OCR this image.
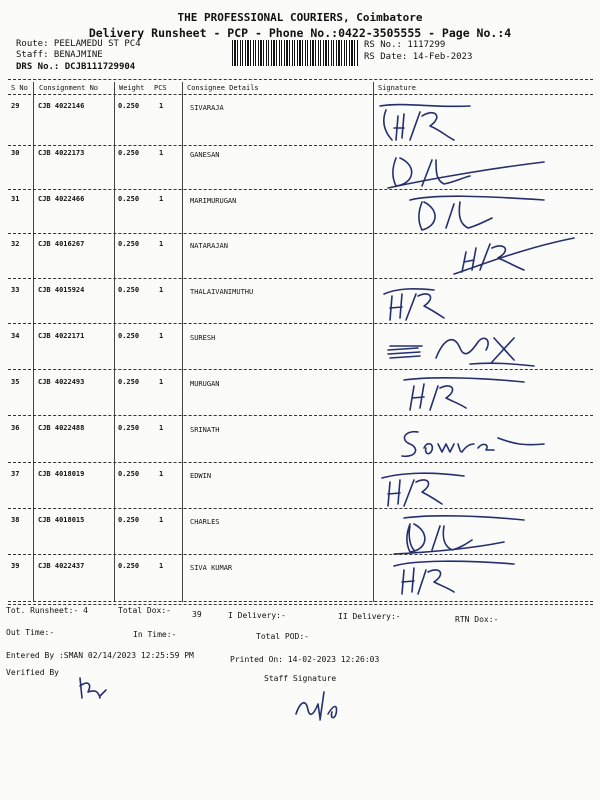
THE PROFESSIONAL COURIERS, Coimbatore
Delivery Runsheet - PCP - Phone No.:0422-3505555 - Page No.:4
Route: PEELAMEDU ST PC4
Staff: BENAJMINE
DRS No.: DCJB111729904
RS No.: 1117299
RS Date: 14-Feb-2023
S No Consignment No	Weight PCS	Consignee Details	Signature
29	CJB 4022146	0.250	1	SIVARAJA
30	CJB 4022173	0.250	1	GANESAN
31	CJB 4022466	0.250	1	MARIMURUGAN
32	CJB 4016267	0.250	1	NATARAJAN
33	CJB 4015924	0.250	1	THALAIVANIMUTHU
34	CJB 4022171	0.250	1	SURESH
35	CJB 4022493	0.250	1	MURUGAN
36	CJB 4022488	0.250	1	SRINATH
37	CJB 4018019	0.250	1	EDWIN
38	CJB 4018015	0.250	1	CHARLES
39	CJB 4022437	0.250	1	SIVA KUMAR
Tot. Runsheet:- 4	Total Dox:-	39	I Delivery:-	II Delivery:-	RTN Dox:-
Out Time:-	In Time:-	Total POD:-
Entered By :SMAN 02/14/2023 12:25:59 PM	Printed On: 14-02-2023 12:26:03
Verified By
Staff Signature
